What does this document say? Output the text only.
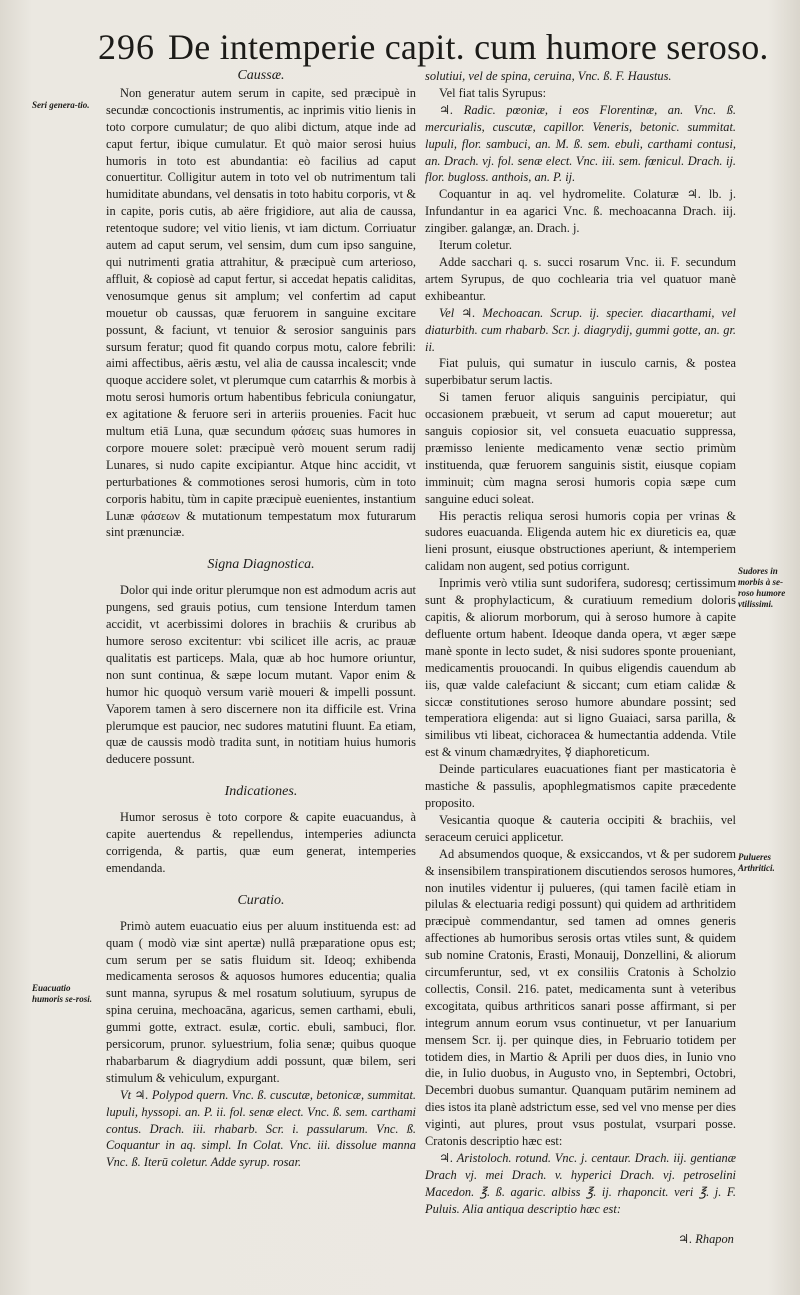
296 De intemperie capit. cum humore seroso.
Seri genera-tio.
Euacuatio humoris se-rosi.
Sudores in morbis à se-roso humore vtilissimi.
Pulueres Arthritici.

Caussæ.

Non generatur autem serum in capite, sed præcipuè in secundæ concoctionis instrumentis, ac inprimis vitio lienis in toto corpore cumulatur; de quo alibi dictum, atque inde ad caput fertur, ibique cumulatur. Et quò maior serosi huius humoris in toto est abundantia: eò facilius ad caput conuertitur. Colligitur autem in toto vel ob nutrimentum tali humiditate abundans, vel densatis in toto habitu corporis, vt & in capite, poris cutis, ab aëre frigidiore, aut alia de caussa, retentoque sudore; vel vitio lienis, vt iam dictum. Corriuatur autem ad caput serum, vel sensim, dum cum ipso sanguine, qui nutrimenti gratia attrahitur, & præcipuè cum arterioso, affluit, & copiosè ad caput fertur, si accedat hepatis caliditas, venosumque genus sit amplum; vel confertim ad caput mouetur ob caussas, quæ feruorem in sanguine excitare possunt, & faciunt, vt tenuior & serosior sanguinis pars sursum feratur; quod fit quando corpus motu, calore febrili: aimi affectibus, aëris æstu, vel alia de caussa incalescit; vnde quoque accidere solet, vt plerumque cum catarrhis & morbis à motu serosi humoris ortum habentibus febricula coniungatur, ex agitatione & feruore seri in arteriis prouenies. Facit huc multum etiā Luna, quæ secundum φάσεις suas humores in corpore mouere solet: præcipuè verò mouent serum radij Lunares, si nudo capite excipiantur. Atque hinc accidit, vt perturbationes & commotiones serosi humoris, cùm in toto corporis habitu, tùm in capite præcipuè euenientes, instantium Lunæ φάσεων & mutationum tempestatum mox futurarum sint prænunciæ.

Signa Diagnostica.

Dolor qui inde oritur plerumque non est admodum acris aut pungens, sed grauis potius, cum tensione Interdum tamen accidit, vt acerbissimi dolores in brachiis & cruribus ab humore seroso excitentur: vbi scilicet ille acris, ac prauæ qualitatis est particeps. Mala, quæ ab hoc humore oriuntur, non sunt continua, & sæpe locum mutant. Vapor enim & humor hic quoquò versum variè moueri & impelli possunt. Vaporem tamen à sero discernere non ita difficile est. Vrina plerumque est paucior, nec sudores matutini fluunt. Ea etiam, quæ de caussis modò tradita sunt, in notitiam huius humoris deducere possunt.

Indicationes.

Humor serosus è toto corpore & capite euacuandus, à capite auertendus & repellendus, intemperies adiuncta corrigenda, & partis, quæ eum generat, intemperies emendanda.

Curatio.

Primò autem euacuatio eius per aluum instituenda est: ad quam ( modò viæ sint apertæ) nullâ præparatione opus est; cum serum per se satis fluidum sit. Ideoq; exhibenda medicamenta serosos & aquosos humores educentia; qualia sunt manna, syrupus & mel rosatum solutiuum, syrupus de spina ceruina, mechoacāna, agaricus, semen carthami, ebuli, gummi gotte, extract. esulæ, cortic. ebuli, sambuci, flor. persicorum, prunor. syluestrium, folia senæ; quibus quoque rhabarbarum & diagrydium addi possunt, quæ bilem, seri stimulum & vehiculum, expurgant.

Vt ♃. Polypod quern. Vnc. ß. cuscutæ, betonicæ, summitat. lupuli, hyssopi. an. P. ii. fol. senæ elect. Vnc. ß. sem. carthami contus. Drach. iii. rhabarb. Scr. i. passularum. Vnc. ß. Coquantur in aq. simpl. In Colat. Vnc. iii. dissolue manna Vnc. ß. Iterū coletur. Adde syrup. rosar.

solutiui, vel de spina, ceruina, Vnc. ß. F. Haustus.

Vel fiat talis Syrupus:

♃. Radic. pœoniæ, i eos Florentinæ, an. Vnc. ß. mercurialis, cuscutæ, capillor. Veneris, betonic. summitat. lupuli, flor. sambuci, an. M. ß. sem. ebuli, carthami contusi, an. Drach. vj. fol. senæ elect. Vnc. iii. sem. fœnicul. Drach. ij. flor. bugloss. anthois, an. P. ij.

Coquantur in aq. vel hydromelite. Colaturæ ♃. lb. j. Infundantur in ea agarici Vnc. ß. mechoacanna Drach. iij. zingiber. galangæ, an. Drach. j.

Iterum coletur.

Adde sacchari q. s. succi rosarum Vnc. ii. F. secundum artem Syrupus, de quo cochlearia tria vel quatuor manè exhibeantur.

Vel ♃. Mechoacan. Scrup. ij. specier. diacarthami, vel diaturbith. cum rhabarb. Scr. j. diagrydij, gummi gotte, an. gr. ii.

Fiat puluis, qui sumatur in iusculo carnis, & postea superbibatur serum lactis.

Si tamen feruor aliquis sanguinis percipiatur, qui occasionem præbueit, vt serum ad caput moueretur; aut sanguis copiosior sit, vel consueta euacuatio suppressa, præmisso leniente medicamento venæ sectio primùm instituenda, quæ feruorem sanguinis sistit, eiusque copiam imminuit; cùm magna serosi humoris copia sæpe cum sanguine educi soleat.

His peractis reliqua serosi humoris copia per vrinas & sudores euacuanda. Eligenda autem hic ex diureticis ea, quæ lieni prosunt, eiusque obstructiones aperiunt, & intemperiem calidam non augent, sed potius corrigunt.

Inprimis verò vtilia sunt sudorifera, sudoresq; certissimum sunt & prophylacticum, & curatiuum remedium doloris capitis, & aliorum morborum, qui à seroso humore à capite defluente ortum habent. Ideoque danda opera, vt æger sæpe manè sponte in lecto sudet, & nisi sudores sponte proueniant, medicamentis prouocandi. In quibus eligendis cauendum ab iis, quæ valde calefaciunt & siccant; cum etiam calidæ & siccæ constitutiones seroso humore abundare possint; sed temperatiora eligenda: aut si ligno Guaiaci, sarsa parilla, & similibus vti libeat, cichoracea & humectantia addenda. Vtile est & vinum chamædryites, ☿ diaphoreticum.

Deinde particulares euacuationes fiant per masticatoria è mastiche & passulis, apophlegmatismos capite præcedente proposito.

Vesicantia quoque & cauteria occipiti & brachiis, vel seraceum ceruici applicetur.

Ad absumendos quoque, & exsiccandos, vt & per sudorem & insensibilem transpirationem discutiendos serosos humores, non inutiles videntur ij pulueres, (qui tamen facilè etiam in pilulas & electuaria redigi possunt) qui quidem ad arthritidem præcipuè commendantur, sed tamen ad omnes generis affectiones ab humoribus serosis ortas vtiles sunt, & quidem sub nomine Cratonis, Erasti, Monauij, Donzellini, & aliorum circumferuntur, sed, vt ex consiliis Cratonis à Scholzio collectis, Consil. 216. patet, medicamenta sunt à veteribus excogitata, quibus arthriticos sanari posse affirmant, si per integrum annum eorum vsus continuetur, vt per Ianuarium mensem Scr. ij. per quinque dies, in Februario totidem per totidem dies, in Martio & Aprili per duos dies, in Iunio vno die, in Iulio duobus, in Augusto vno, in Septembri, Octobri, Decembri duobus sumantur. Quanquam putārim neminem ad dies istos ita planè adstrictum esse, sed vel vno mense per dies viginti, aut plures, prout vsus postulat, vsurpari posse. Cratonis descriptio hæc est:

♃. Aristoloch. rotund. Vnc. j. centaur. Drach. iij. gentianæ Drach vj. mei Drach. v. hyperici Drach. vj. petroselini Macedon. ℥. ß. agaric. albiss ℥. ij. rhaponcit. veri ℥. j. F. Puluis. Alia antiqua descriptio hæc est:

♃. Rhapon
